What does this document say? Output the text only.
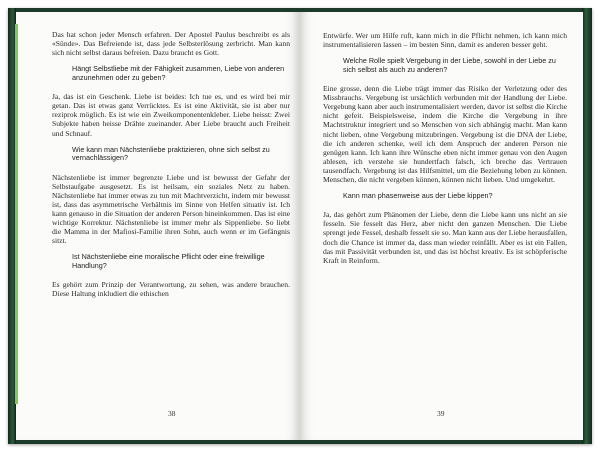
Das hat schon jeder Mensch erfahren. Der Apostel Paulus beschreibt es als «Sünde». Das Befreiende ist, dass jede Selbsterlösung zerbricht. Man kann sich nicht selbst daraus befreien. Dazu braucht es Gott.

Hängt Selbstliebe mit der Fähigkeit zusammen, Liebe von anderen anzunehmen oder zu geben?

Ja, das ist ein Geschenk. Liebe ist beides: Ich tue es, und es wird bei mir getan. Das ist etwas ganz Verrücktes. Es ist eine Aktivität, sie ist aber nur reziprok möglich. Es ist wie ein Zweikomponentenkleber. Liebe heisst: Zwei Subjekte haben heisse Drähte zueinander. Aber Liebe braucht auch Freiheit und Schnauf.

Wie kann man Nächstenliebe praktizieren, ohne sich selbst zu vernachlässigen?

Nächstenliebe ist immer begrenzte Liebe und ist bewusst der Gefahr der Selbstaufgabe ausgesetzt. Es ist heilsam, ein soziales Netz zu haben. Nächstenliebe hat immer etwas zu tun mit Machtverzicht, indem mir bewusst ist, dass das asymmetrische Verhältnis im Sinne von Helfen situativ ist. Ich kann genauso in die Situation der anderen Person hineinkommen. Das ist eine wichtige Korrektur. Nächstenliebe ist immer mehr als Sippenliebe. So liebt die Mamma in der Mafiosi-Familie ihren Sohn, auch wenn er im Gefängnis sitzt.

Ist Nächstenliebe eine moralische Pflicht oder eine freiwillige Handlung?

Es gehört zum Prinzip der Verantwortung, zu sehen, was andere brauchen. Diese Haltung inkludiert die ethischen

38

Entwürfe. Wer um Hilfe ruft, kann mich in die Pflicht nehmen, ich kann mich instrumentalisieren lassen – im besten Sinn, damit es anderen besser geht.

Welche Rolle spielt Vergebung in der Liebe, sowohl in der Liebe zu sich selbst als auch zu anderen?

Eine grosse, denn die Liebe trägt immer das Risiko der Verletzung oder des Missbrauchs. Vergebung ist ursächlich verbunden mit der Handlung der Liebe. Vergebung kann aber auch instrumentalisiert werden, davor ist selbst die Kirche nicht gefeit. Beispielsweise, indem die Kirche die Vergebung in ihre Machtstruktur integriert und so Menschen von sich abhängig macht. Man kann nicht lieben, ohne Vergebung mitzubringen. Vergebung ist die DNA der Liebe, die ich anderen schenke, weil ich dem Anspruch der anderen Person nie genügen kann. Ich kann ihre Wünsche eben nicht immer genau von den Augen ablesen, ich verstehe sie hundertfach falsch, ich breche das Vertrauen tausendfach. Vergebung ist das Hilfsmittel, um die Beziehung leben zu können. Menschen, die nicht vergeben können, können nicht lieben. Und umgekehrt.

Kann man phasenweise aus der Liebe kippen?

Ja, das gehört zum Phänomen der Liebe, denn die Liebe kann uns nicht an sie fesseln. Sie fesselt das Herz, aber nicht den ganzen Menschen. Die Liebe sprengt jede Fessel, deshalb fesselt sie so. Man kann aus der Liebe herausfallen, doch die Chance ist immer da, dass man wieder reinfällt. Aber es ist ein Fallen, das mit Passivität verbunden ist, und das ist höchst kreativ. Es ist schöpferische Kraft in Reinform.

39
